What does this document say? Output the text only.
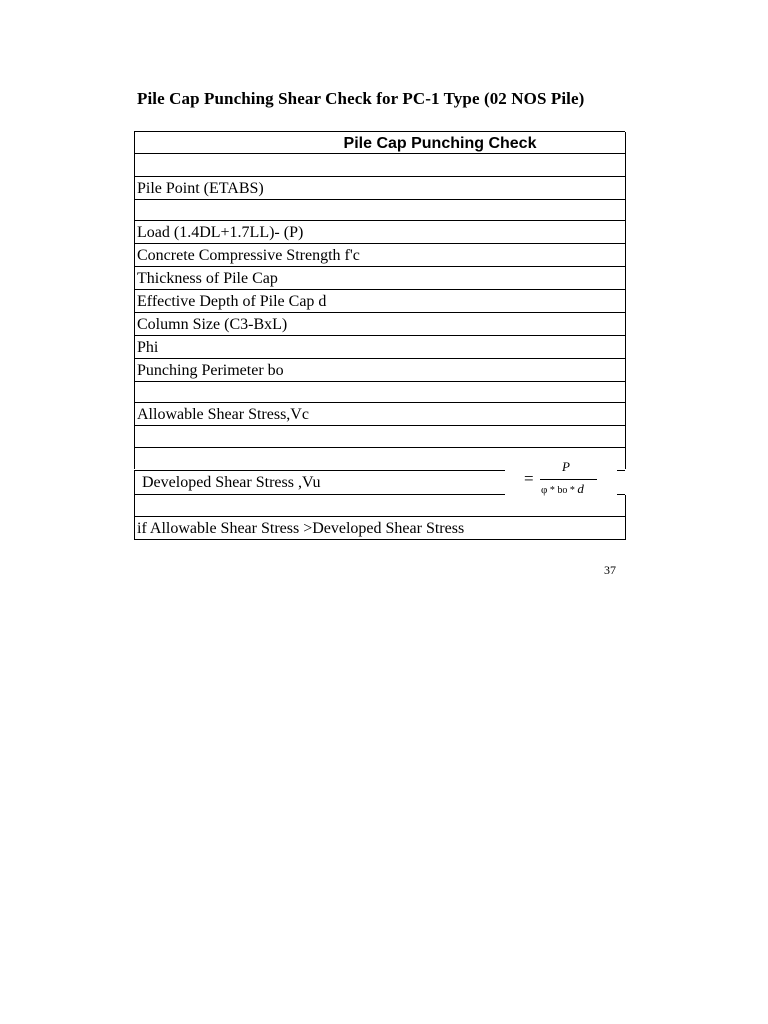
Pile Cap Punching Shear Check for PC-1 Type (02 NOS Pile)
Pile Cap Punching Check
Pile Point (ETABS)
Load (1.4DL+1.7LL)- (P)
Concrete Compressive Strength f'c
Thickness of Pile Cap
Effective Depth of Pile Cap d
Column Size (C3-BxL)
Phi
Punching Perimeter bo
Allowable Shear Stress,Vc
Developed Shear Stress ,Vu	=
P
φ * bo * d
if Allowable Shear Stress >Developed Shear Stress
37
